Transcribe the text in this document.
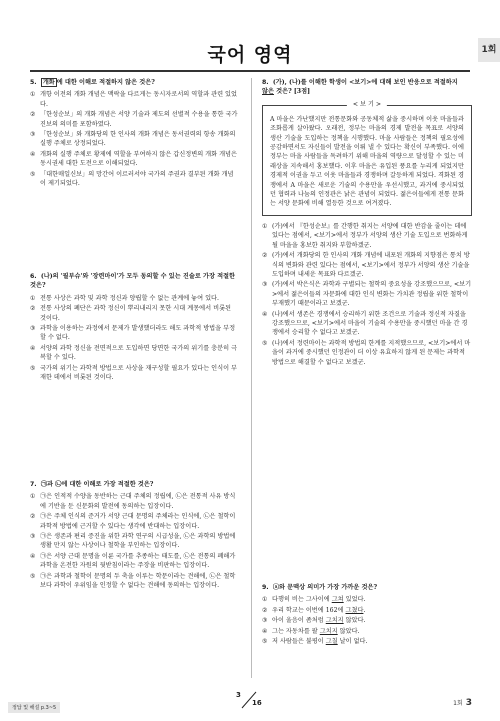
국어 영역	1회
5. 개화 에 대한 이해로 적절하지 않은 것은?
① 개항 이전의 개화 개념은 맥락을 다르게는 동시자로서의 역할과 관련 있었다.
② 「한성순보」의 개화 개념은 서양 기술과 제도의 선별적 수용을 통한 국가 진보의 의미를 포함하였다.
③ 「한성순보」와 개화당의 한 인사의 개화 개념은 동서권력의 항송 개화의 실행 주체로 상정되었다.
④ 개화의 실행 주체로 황제에 역할을 부여하지 않은 갑신정변의 개화 개념은 동시권세 대한 도전으로 이해되었다.
⑤ 「대한매일신보」의 망간어 이르러서야 국가의 주권과 결부된 개화 개념이 제기되었다.
6. (나)의 '필부슈'와 '장련마이'가 모두 동의할 수 있는 진술로 가장 적절한 것은?
① 전통 사상은 과학 및 과학 정신과 양립할 수 없는 관계에 놓여 있다.
② 전통 사상의 폐단은 과학 정신이 뿌리내리지 못한 시대 계몽에서 비롯된 것이다.
③ 과학을 이용하는 과정에서 문제가 발생했더라도 해도 과학적 방법을 부정할 수 없다.
④ 서양의 과학 정신을 전면적으로 도입하면 당면한 국가의 위기를 충분히 극복할 수 있다.
⑤ 국가의 위기는 과학적 방법으로 사상을 재구성할 필요가 있다는 인식이 부재한 데에서 비롯된 것이다.
7. ㉠과 ㉡에 대한 이해로 가장 적절한 것은?
① ㉠은 인적적 수양을 동반하는 근대 주체의 정립에, ㉡은 전통적 사유 방식에 기반을 둔 신문화의 발전에 동의하는 입장이다.
② ㉠은 주체 인식의 준거가 서양 근대 문명의 주체라는 인식에, ㉡은 철학이 과학적 방법에 근거할 수 있다는 생각에 반대하는 입장이다.
③ ㉠은 생존과 편리 증진을 위한 과학 연구의 시급성을, ㉡은 과학의 방법에 생활 만지 않는 사상이나 철학을 부인하는 입장이다.
④ ㉠은 서양 근대 문명을 이룬 국가를 추종하는 태도를, ㉡은 전통의 폐해가 과학을 온전한 자원의 뒷받침이라는 주장을 비판하는 입장이다.
⑤ ㉠은 과학과 철학이 문명의 두 축을 이루는 학문이라는 견해에, ㉡은 철학보다 과학이 우위임을 인정할 수 없다는 견해에 동의하는 입장이다.
8. (가), (나)를 이해한 학생이 <보기>에 대해 보인 반응으로 적절하지
않은 것은? [3점]
< 보 기 >
A 마을은 가난했지만 전통문화와 공동체적 삶을 중시하며 이웃 마을들과 조화롭게 살아왔다. 오래전, 정부는 마을의 경제 발전을 목표로 서양의 생산 기술을 도입하는 정책을 시행했다. 마을 사람들은 정책의 필요성에 공감하면서도 자신들이 발전을 이뤄 낼 수 있다는 확신이 부족했다. 이에 정부는 마을 사람들을 독려하기 위해 마을의 역량으로 달성할 수 있는 미래상을 지속해서 홍보했다. 이후 마을은 유입된 풍요를 누리게 되었지만 경제적 이권을 두고 이웃 마을들과 경쟁하며 갈등하게 되었다. 격화된 경쟁에서 A 마을은 새로운 기술의 수용만을 우선시했고, 과거에 중시되었던 협력과 나눔의 인정관은 낡은 관념이 되었다. 젊은이들에게 전통 문화는 서양 문화에 비해 열등한 것으로 여겨졌다.
① (가)에서 『한성순보』를 간행한 취지는 서양에 대한 반감을 줄이는 데에 있다는 점에서, <보기>에서 정부가 서양의 생산 기술 도입으로 번화하게 될 마을을 홍보한 취지와 부합하겠군.
② (가)에서 개화당의 한 인사의 개화 개념에 내포된 개화의 지향점은 통치 방식의 변화와 관련 있다는 점에서, <보기>에서 정부가 서양의 생산 기술을 도입하며 내세운 목표와 다르겠군.
③ (가)에서 박은식은 과학과 구별되는 철학의 중요성을 강조했으므로, <보기>에서 젊은이들의 자문화에 대한 인식 변화는 가치관 정립을 위한 철학이 부재했기 때문이라고 보겠군.
④ (나)에서 생존은 경쟁에서 승리하기 위한 조건으로 기술과 정신적 자질을 강조했으므로, <보기>에서 마을이 기술의 수용만을 중시했던 마을 간 경쟁에서 승리할 수 없다고 보겠군.
⑤ (나)에서 정련마이는 과학적 방법의 한계를 지적했으므로, <보기>에서 마을이 과거에 중시했던 인정관이 더 이상 유효하지 않게 된 문제는 과학적 방법으로 해결할 수 없다고 보겠군.
9. ⓐ와 문맥상 의미가 가장 가까운 것은?
① 다행히 비는 그사이에 그쳐 있었다.
② 우리 학교는 이번에 162에 그쳤다.
③ 아이 울음이 좀처럼 그치지 않았다.
④ 그는 자동차를 팔 그치지 않았다.
⑤ 저 사람들은 불평이 그칠 날이 없다.
3
16
정답 및 해설 p.3~5
1회 3
